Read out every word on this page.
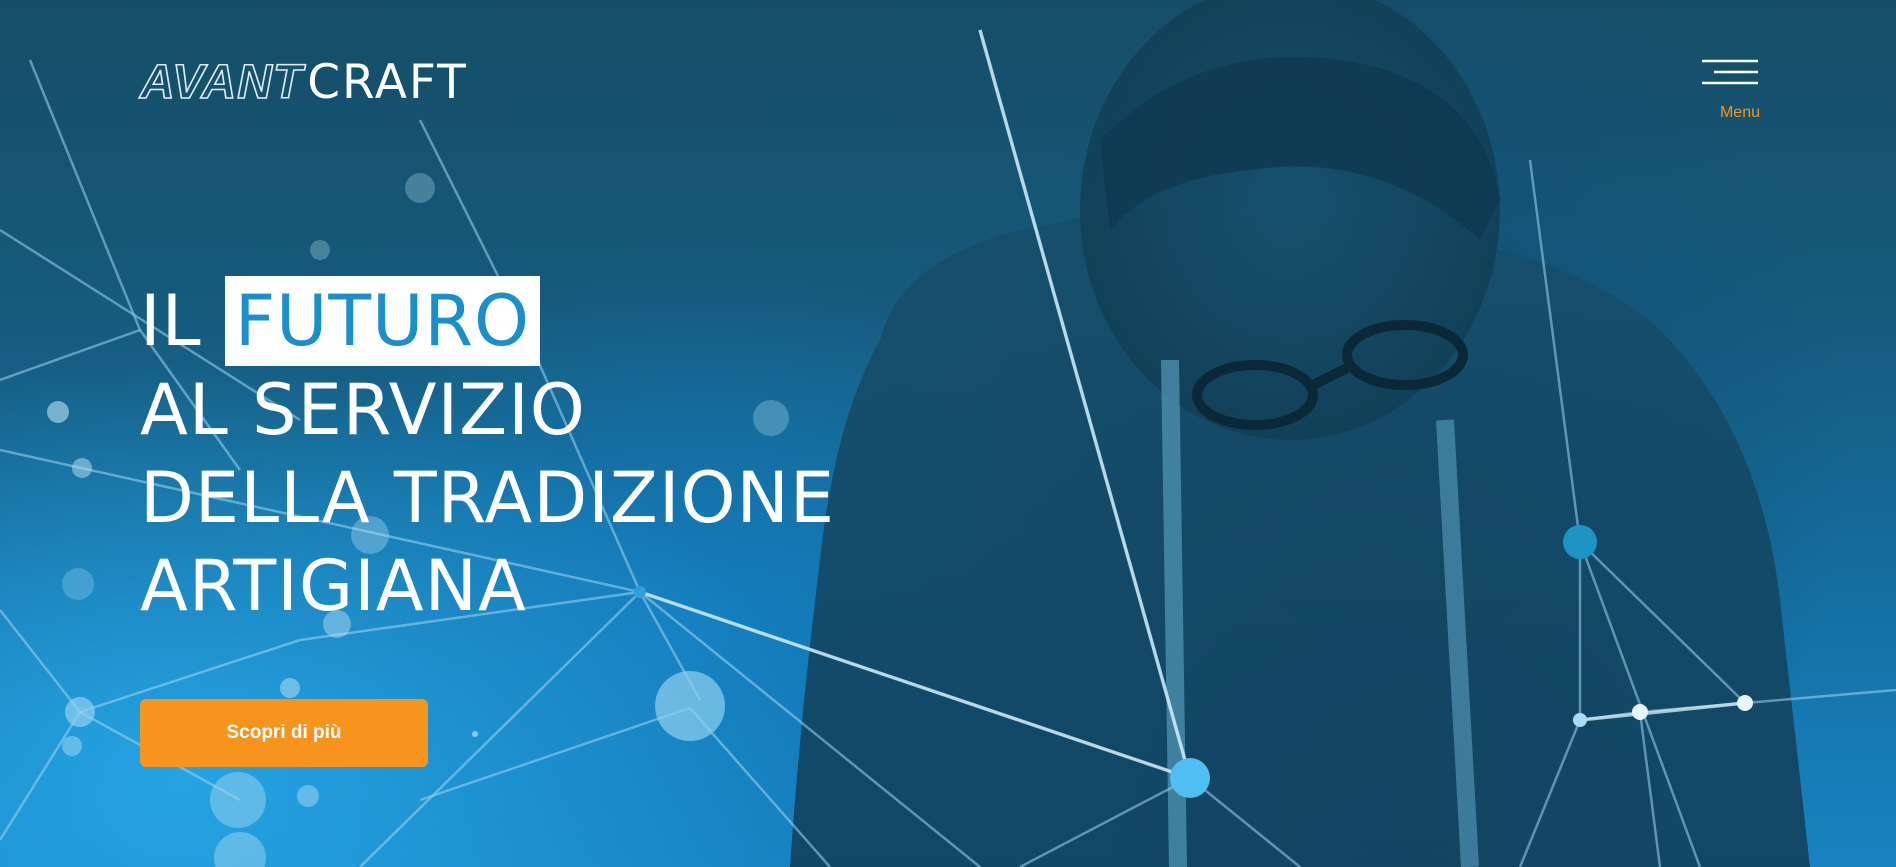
AVANT CRAFT
Menu
IL FUTURO
AL SERVIZIO
DELLA TRADIZIONE
ARTIGIANA
Scopri di più
